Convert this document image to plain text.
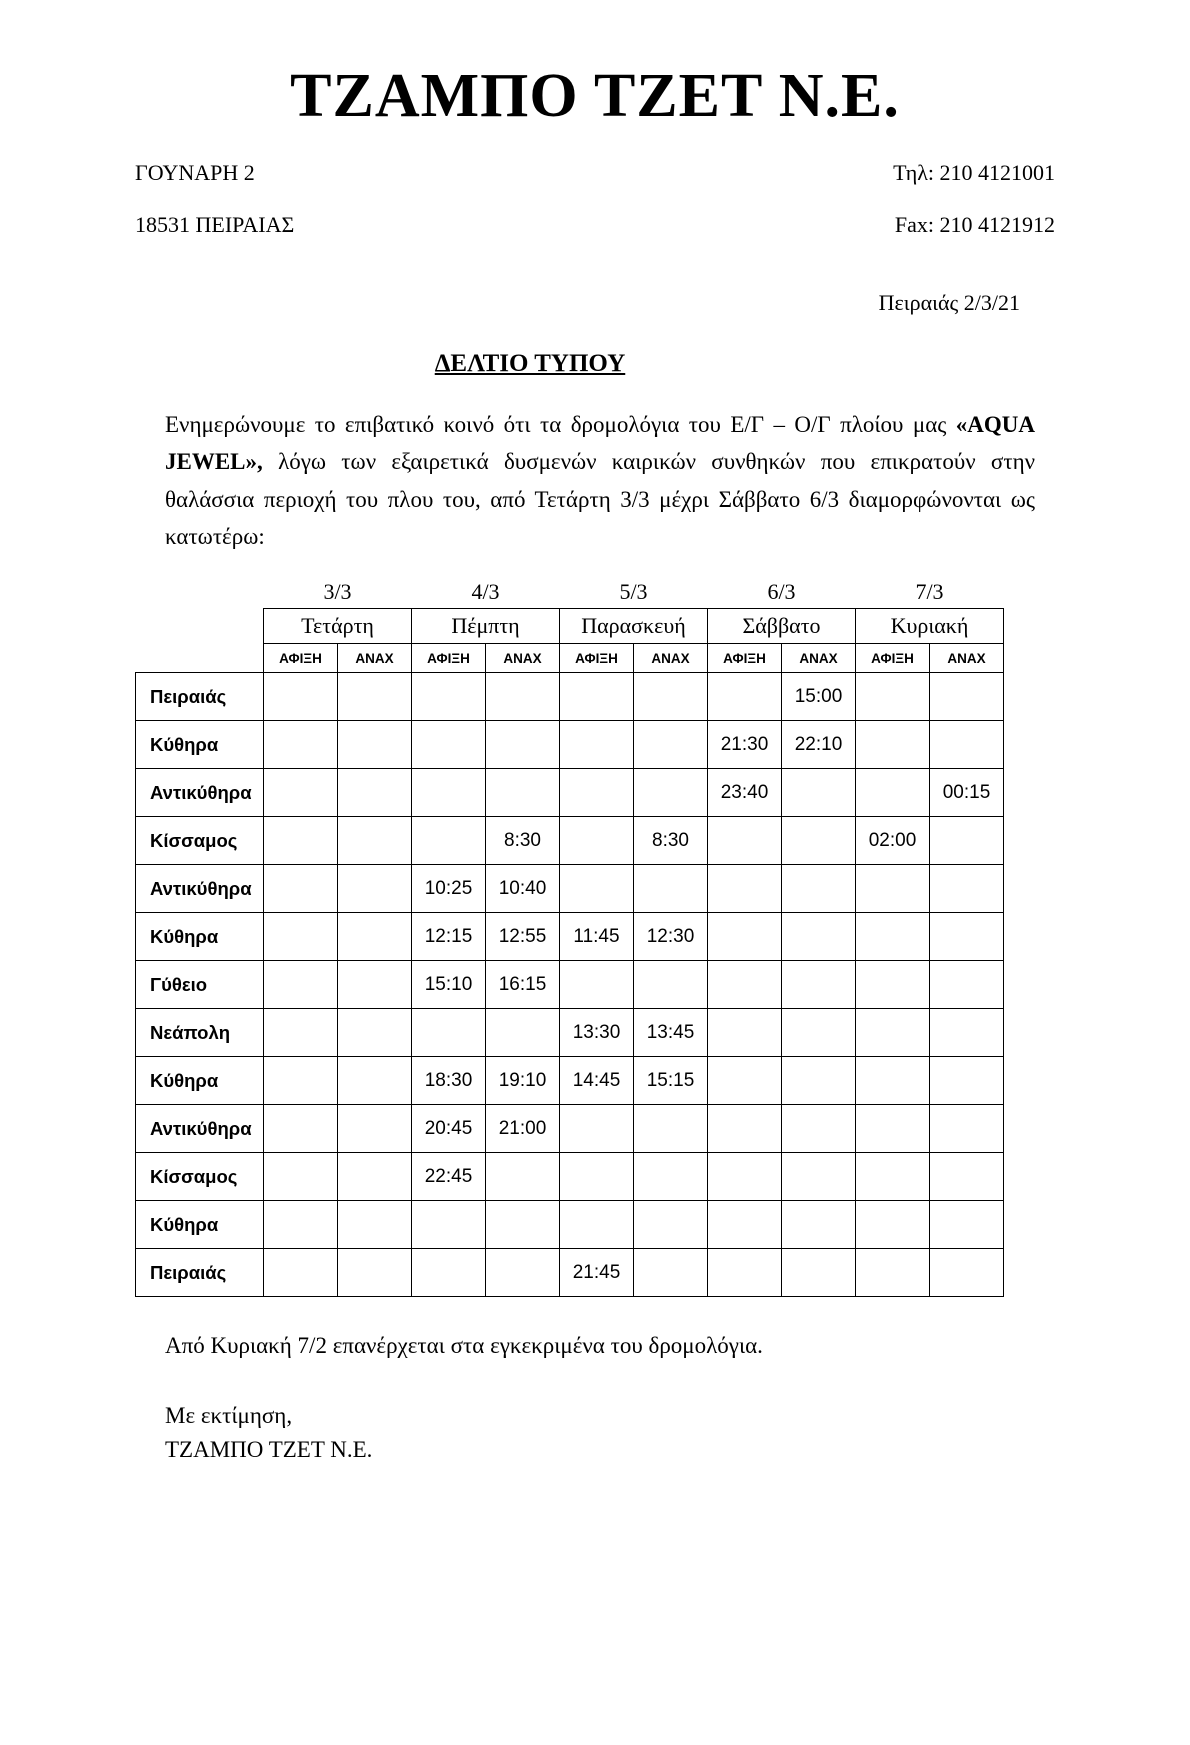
ΤΖΑΜΠΟ ΤΖΕΤ Ν.Ε.
ΓΟΥΝΑΡΗ 2	Τηλ: 210 4121001
18531 ΠΕΙΡΑΙΑΣ	Fax: 210 4121912
Πειραιάς 2/3/21
ΔΕΛΤΙΟ ΤΥΠΟΥ

Ενημερώνουμε το επιβατικό κοινό ότι τα δρομολόγια του Ε/Γ – Ο/Γ πλοίου μας «AQUA JEWEL», λόγω των εξαιρετικά δυσμενών καιρικών συνθηκών που επικρατούν στην θαλάσσια περιοχή του πλου του, από Τετάρτη 3/3 μέχρι Σάββατο 6/3 διαμορφώνονται ως κατωτέρω:

	3/3		4/3		5/3		6/3		7/3	
	Τετάρτη		Πέμπτη		Παρασκευή		Σάββατο		Κυριακή	
	ΑΦΙΞΗ	ΑΝΑΧ	ΑΦΙΞΗ	ΑΝΑΧ	ΑΦΙΞΗ	ΑΝΑΧ	ΑΦΙΞΗ	ΑΝΑΧ	ΑΦΙΞΗ	ΑΝΑΧ
Πειραιάς								15:00		
Κύθηρα							21:30	22:10		
Αντικύθηρα							23:40			00:15
Κίσσαμος				8:30		8:30			02:00	
Αντικύθηρα			10:25	10:40						
Κύθηρα			12:15	12:55	11:45	12:30				
Γύθειο			15:10	16:15						
Νεάπολη					13:30	13:45				
Κύθηρα			18:30	19:10	14:45	15:15				
Αντικύθηρα			20:45	21:00						
Κίσσαμος			22:45							
Κύθηρα										
Πειραιάς					21:45					
Από Κυριακή 7/2 επανέρχεται στα εγκεκριμένα του δρομολόγια.
Με εκτίμηση,
ΤΖΑΜΠΟ ΤΖΕΤ Ν.Ε.
